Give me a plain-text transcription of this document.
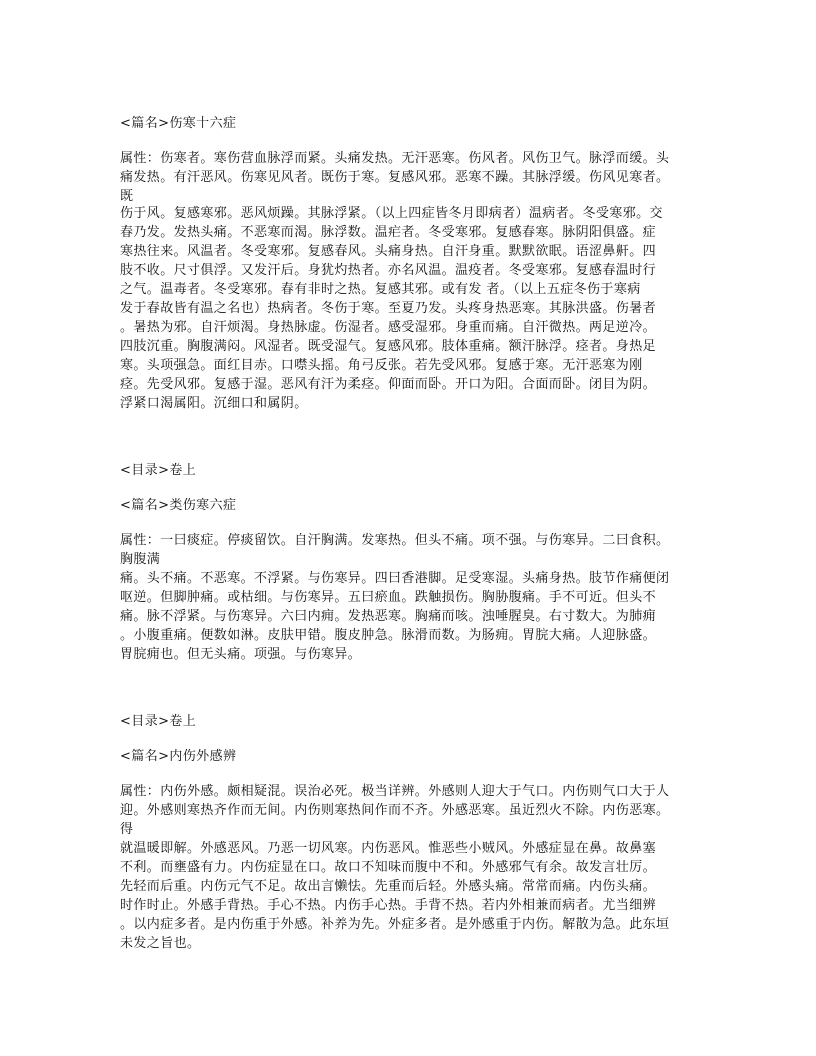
<篇名>伤寒十六症
属性：伤寒者。寒伤营血脉浮而紧。头痛发热。无汗恶寒。伤风者。风伤卫气。脉浮而缓。头
痛发热。有汗恶风。伤寒见风者。既伤于寒。复感风邪。恶寒不躁。其脉浮缓。伤风见寒者。
既
伤于风。复感寒邪。恶风烦躁。其脉浮紧。（以上四症皆冬月即病者）温病者。冬受寒邪。交
春乃发。发热头痛。不恶寒而渴。脉浮数。温疟者。冬受寒邪。复感春寒。脉阴阳俱盛。症
寒热往来。风温者。冬受寒邪。复感春风。头痛身热。自汗身重。默默欲眠。语涩鼻鼾。四
肢不收。尺寸俱浮。又发汗后。身犹灼热者。亦名风温。温疫者。冬受寒邪。复感春温时行
之气。温毒者。冬受寒邪。春有非时之热。复感其邪。或有发 者。（以上五症冬伤于寒病
发于春故皆有温之名也）热病者。冬伤于寒。至夏乃发。头疼身热恶寒。其脉洪盛。伤暑者
。暑热为邪。自汗烦渴。身热脉虚。伤湿者。感受湿邪。身重而痛。自汗微热。两足逆冷。
四肢沉重。胸腹满闷。风湿者。既受湿气。复感风邪。肢体重痛。额汗脉浮。痉者。身热足
寒。头项强急。面红目赤。口噤头摇。角弓反张。若先受风邪。复感于寒。无汗恶寒为刚
痉。先受风邪。复感于湿。恶风有汗为柔痉。仰面而卧。开口为阳。合面而卧。闭目为阴。
浮紧口渴属阳。沉细口和属阴。
<目录>卷上
<篇名>类伤寒六症
属性：一曰痰症。停痰留饮。自汗胸满。发寒热。但头不痛。项不强。与伤寒异。二曰食积。
胸腹满
痛。头不痛。不恶寒。不浮紧。与伤寒异。四曰香港脚。足受寒湿。头痛身热。肢节作痛便闭
呕逆。但脚肿痛。或枯细。与伤寒异。五曰瘀血。跌触损伤。胸胁腹痛。手不可近。但头不
痛。脉不浮紧。与伤寒异。六曰内痈。发热恶寒。胸痛而咳。浊唾腥臭。右寸数大。为肺痈
。小腹重痛。便数如淋。皮肤甲错。腹皮肿急。脉滑而数。为肠痈。胃脘大痛。人迎脉盛。
胃脘痈也。但无头痛。项强。与伤寒异。
<目录>卷上
<篇名>内伤外感辨
属性：内伤外感。颇相疑混。误治必死。极当详辨。外感则人迎大于气口。内伤则气口大于人
迎。外感则寒热齐作而无间。内伤则寒热间作而不齐。外感恶寒。虽近烈火不除。内伤恶寒。
得
就温暖即解。外感恶风。乃恶一切风寒。内伤恶风。惟恶些小贼风。外感症显在鼻。故鼻塞
不利。而壅盛有力。内伤症显在口。故口不知味而腹中不和。外感邪气有余。故发言壮厉。
先轻而后重。内伤元气不足。故出言懒怯。先重而后轻。外感头痛。常常而痛。内伤头痛。
时作时止。外感手背热。手心不热。内伤手心热。手背不热。若内外相兼而病者。尤当细辨
。以内症多者。是内伤重于外感。补养为先。外症多者。是外感重于内伤。解散为急。此东垣
未发之旨也。
